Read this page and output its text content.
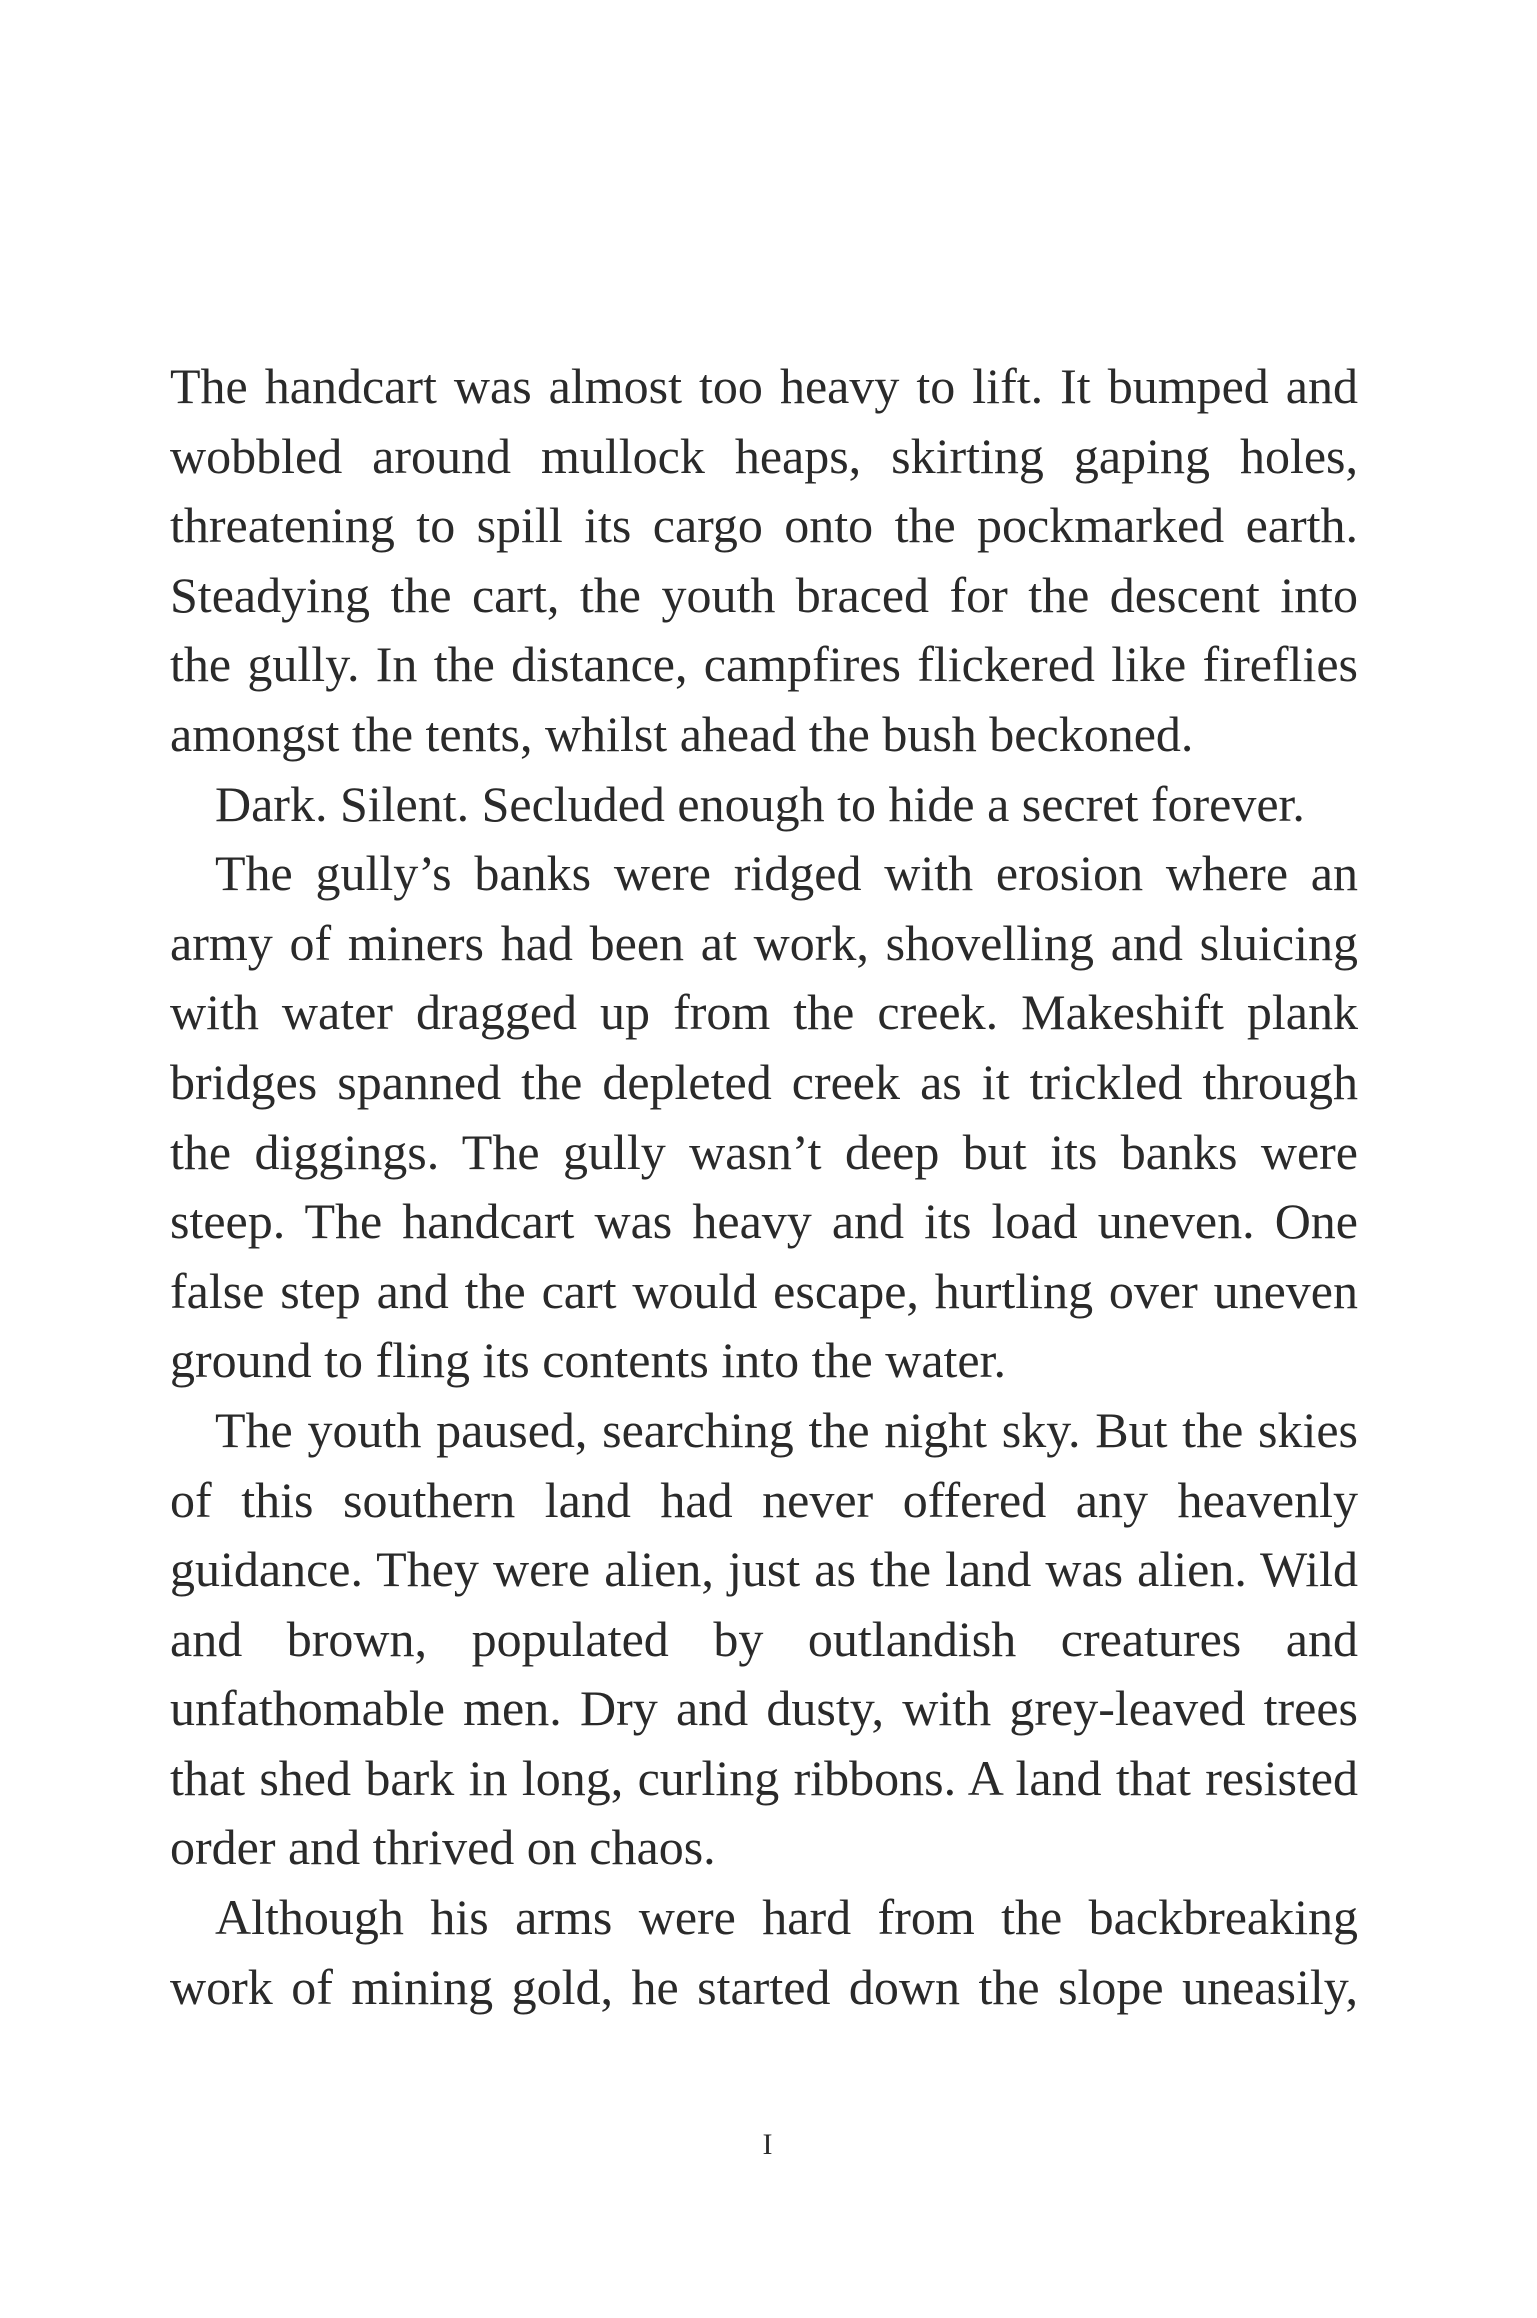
The handcart was almost too heavy to lift. It bumped and wobbled around mullock heaps, skirting gaping holes, threatening to spill its cargo onto the pockmarked earth. Steadying the cart, the youth braced for the descent into the gully. In the distance, campfires flickered like fireflies amongst the tents, whilst ahead the bush beckoned.

Dark. Silent. Secluded enough to hide a secret forever.

The gully’s banks were ridged with erosion where an army of miners had been at work, shovelling and sluicing with water dragged up from the creek. Makeshift plank bridges spanned the depleted creek as it trickled through the diggings. The gully wasn’t deep but its banks were steep. The handcart was heavy and its load uneven. One false step and the cart would escape, hurtling over uneven ground to fling its contents into the water.

The youth paused, searching the night sky. But the skies of this southern land had never offered any heavenly guidance. They were alien, just as the land was alien. Wild and brown, populated by outlandish creatures and unfathomable men. Dry and dusty, with grey-leaved trees that shed bark in long, curling ribbons. A land that resisted order and thrived on chaos.

Although his arms were hard from the backbreaking work of mining gold, he started down the slope uneasily,

I
